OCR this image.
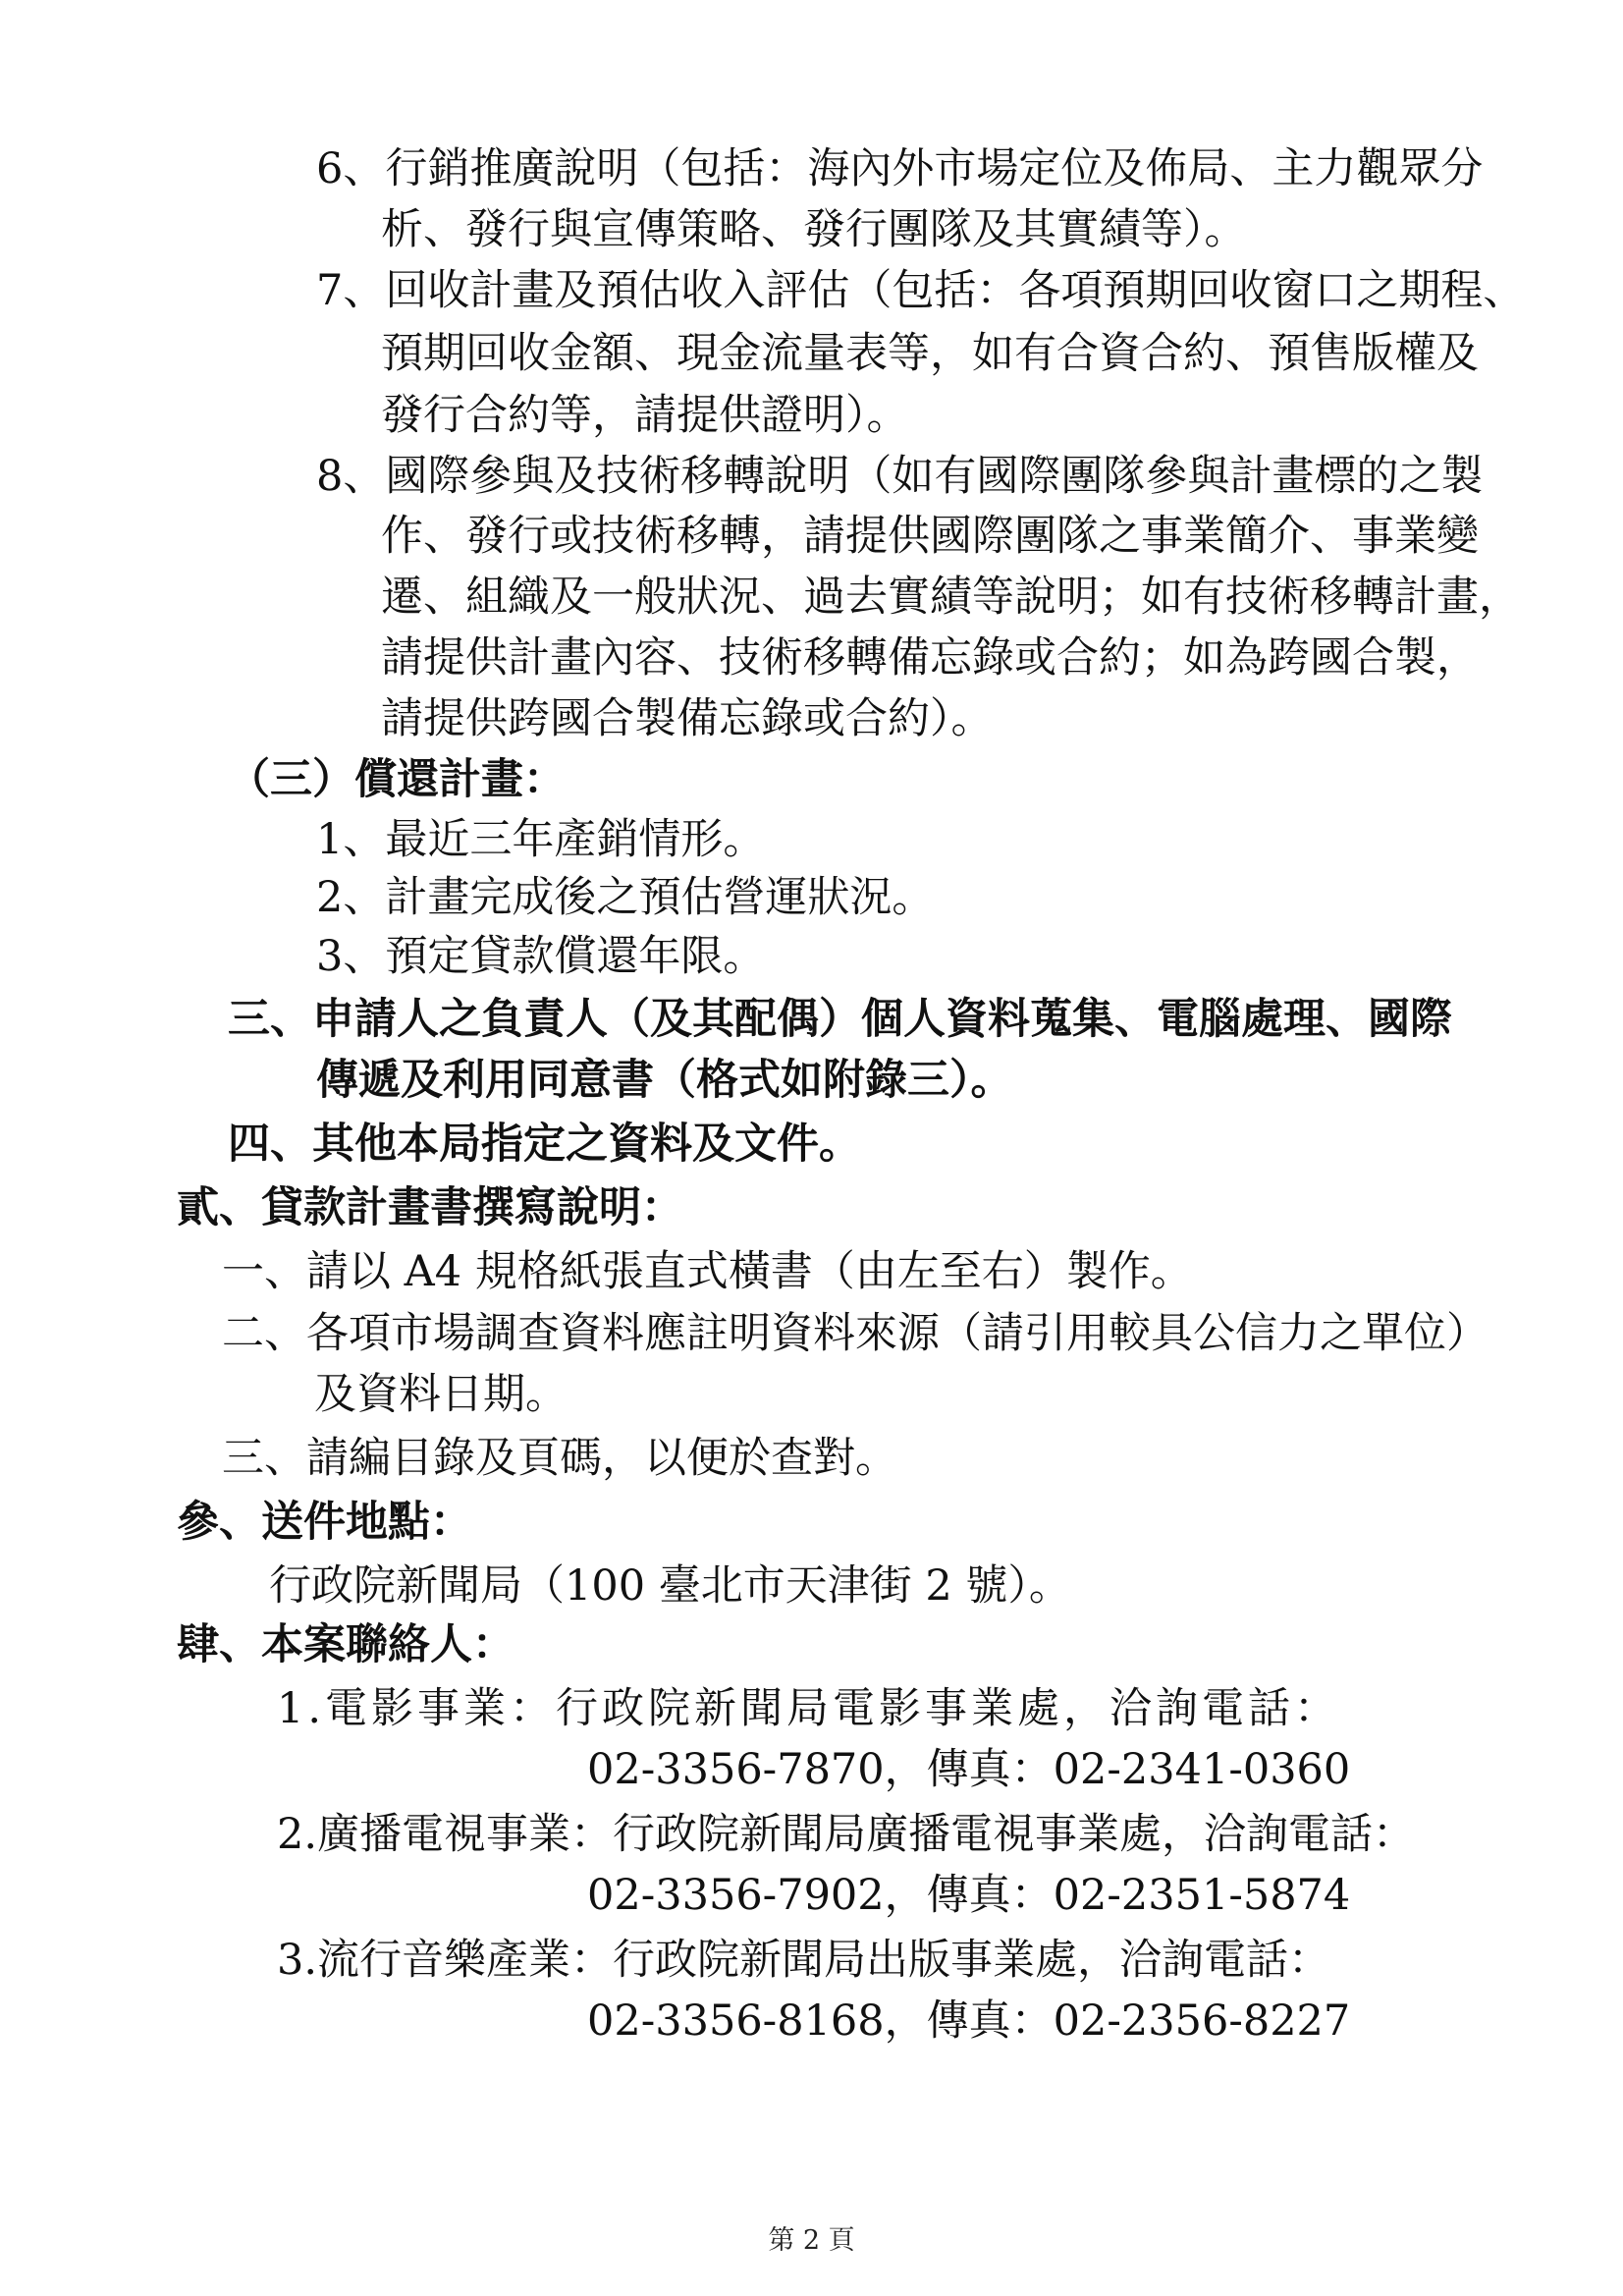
6、行銷推廣說明（包括：海內外市場定位及佈局、主力觀眾分
析、發行與宣傳策略、發行團隊及其實績等）。
7、回收計畫及預估收入評估（包括：各項預期回收窗口之期程、
預期回收金額、現金流量表等，如有合資合約、預售版權及
發行合約等，請提供證明）。
8、國際參與及技術移轉說明（如有國際團隊參與計畫標的之製
作、發行或技術移轉，請提供國際團隊之事業簡介、事業變
遷、組織及一般狀況、過去實績等說明；如有技術移轉計畫，
請提供計畫內容、技術移轉備忘錄或合約；如為跨國合製，
請提供跨國合製備忘錄或合約）。
（三）償還計畫：
1、最近三年產銷情形。
2、計畫完成後之預估營運狀況。
3、預定貸款償還年限。
三、申請人之負責人（及其配偶）個人資料蒐集、電腦處理、國際
傳遞及利用同意書（格式如附錄三）。
四、其他本局指定之資料及文件。
貳、貸款計畫書撰寫說明：
一、請以 A4 規格紙張直式橫書（由左至右）製作。
二、各項市場調查資料應註明資料來源（請引用較具公信力之單位）
及資料日期。
三、請編目錄及頁碼，以便於查對。
參、送件地點：
行政院新聞局（100 臺北市天津街 2 號）。
肆、本案聯絡人：
1.電影事業：行政院新聞局電影事業處，洽詢電話：
02-3356-7870，傳真：02-2341-0360
2.廣播電視事業：行政院新聞局廣播電視事業處，洽詢電話：
02-3356-7902，傳真：02-2351-5874
3.流行音樂產業：行政院新聞局出版事業處，洽詢電話：
02-3356-8168，傳真：02-2356-8227
第 2 頁
